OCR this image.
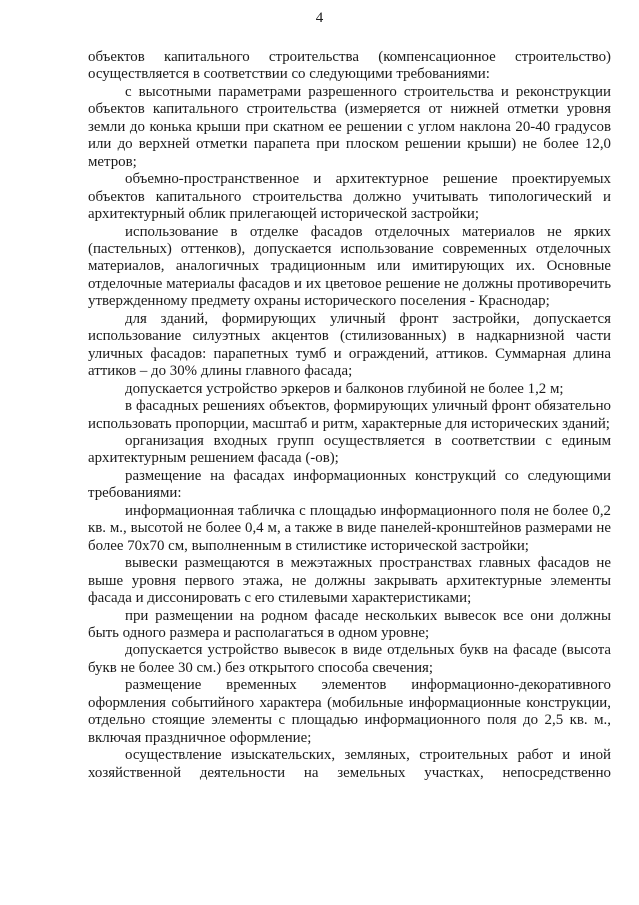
4

объектов капитального строительства (компенсационное строительство) осуществляется в соответствии со следующими требованиями:

с высотными параметрами разрешенного строительства и реконструкции объектов капитального строительства (измеряется от нижней отметки уровня земли до конька крыши при скатном ее решении с углом наклона 20-40 градусов или до верхней отметки парапета при плоском решении крыши) не более 12,0 метров;

объемно-пространственное и архитектурное решение проектируемых объектов капитального строительства должно учитывать типологический и архитектурный облик прилегающей исторической застройки;

использование в отделке фасадов отделочных материалов не ярких (пастельных) оттенков), допускается использование современных отделочных материалов, аналогичных традиционным или имитирующих их. Основные отделочные материалы фасадов и их цветовое решение не должны противоречить утвержденному предмету охраны исторического поселения - Краснодар;

для зданий, формирующих уличный фронт застройки, допускается использование силуэтных акцентов (стилизованных) в надкарнизной части уличных фасадов: парапетных тумб и ограждений, аттиков. Суммарная длина аттиков – до 30% длины главного фасада;

допускается устройство эркеров и балконов глубиной не более 1,2 м;

в фасадных решениях объектов, формирующих уличный фронт обязательно использовать пропорции, масштаб и ритм, характерные для исторических зданий;

организация входных групп осуществляется в соответствии с единым архитектурным решением фасада (-ов);

размещение на фасадах информационных конструкций со следующими требованиями:

информационная табличка с площадью информационного поля не более 0,2 кв. м., высотой не более 0,4 м, а также в виде панелей-кронштейнов размерами не более 70х70 см, выполненным в стилистике исторической застройки;

вывески размещаются в межэтажных пространствах главных фасадов не выше уровня первого этажа, не должны закрывать архитектурные элементы фасада и диссонировать с его стилевыми характеристиками;

при размещении на родном фасаде нескольких вывесок все они должны быть одного размера и располагаться в одном уровне;

допускается устройство вывесок в виде отдельных букв на фасаде (высота букв не более 30 см.) без открытого способа свечения;

размещение временных элементов информационно-декоративного оформления событийного характера (мобильные информационные конструкции, отдельно стоящие элементы с площадью информационного поля до 2,5 кв. м., включая праздничное оформление;

осуществление изыскательских, земляных, строительных работ и иной хозяйственной деятельности на земельных участках, непосредственно
